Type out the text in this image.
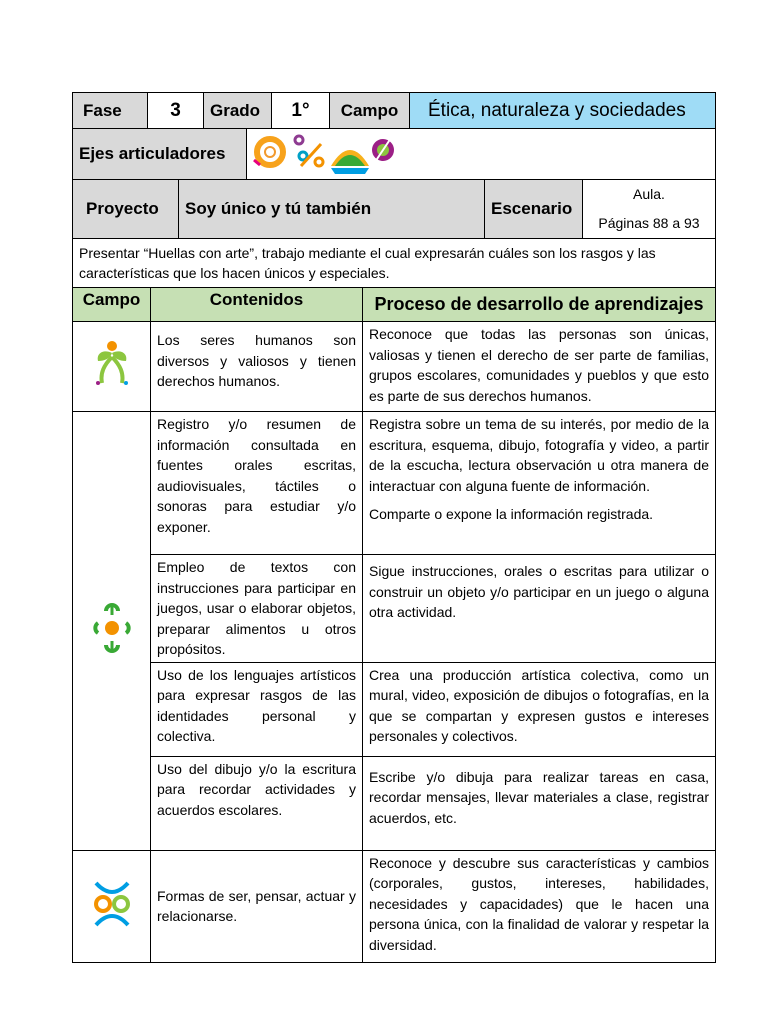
Fase	3	Grado	1°	Campo	Ética, naturaleza y sociedades
Ejes articuladores	

Proyecto	Soy único y tú también	Escenario	
Aula.
Páginas 88 a 93
Presentar “Huellas con arte”, trabajo mediante el cual expresarán cuáles son los rasgos y las características que los hacen únicos y especiales.
Campo	Contenidos	Proceso de desarrollo de aprendizajes
	Los seres humanos son diversos y valiosos y tienen derechos humanos.	Reconoce que todas las personas son únicas, valiosas y tienen el derecho de ser parte de familias, grupos escolares, comunidades y pueblos y que esto es parte de sus derechos humanos.

	Registro y/o resumen de información consultada en fuentes orales escritas, audiovisuales, táctiles o sonoras para estudiar y/o exponer.	Registra sobre un tema de su interés, por medio de la escritura, esquema, dibujo, fotografía y video, a partir de la escucha, lectura observación u otra manera de interactuar con alguna fuente de información.
Comparte o expone la información registrada.

	Empleo de textos con instrucciones para participar en juegos, usar o elaborar objetos, preparar alimentos u otros propósitos.	Sigue instrucciones, orales o escritas para utilizar o construir un objeto y/o participar en un juego o alguna otra actividad.

	Uso de los lenguajes artísticos para expresar rasgos de las identidades personal y colectiva.	Crea una producción artística colectiva, como un mural, video, exposición de dibujos o fotografías, en la que se compartan y expresen gustos e intereses personales y colectivos.

	Uso del dibujo y/o la escritura para recordar actividades y acuerdos escolares.	Escribe y/o dibuja para realizar tareas en casa, recordar mensajes, llevar materiales a clase, registrar acuerdos, etc.

	Formas de ser, pensar, actuar y relacionarse.	Reconoce y descubre sus características y cambios (corporales, gustos, intereses, habilidades, necesidades y capacidades) que le hacen una persona única, con la finalidad de valorar y respetar la diversidad.
